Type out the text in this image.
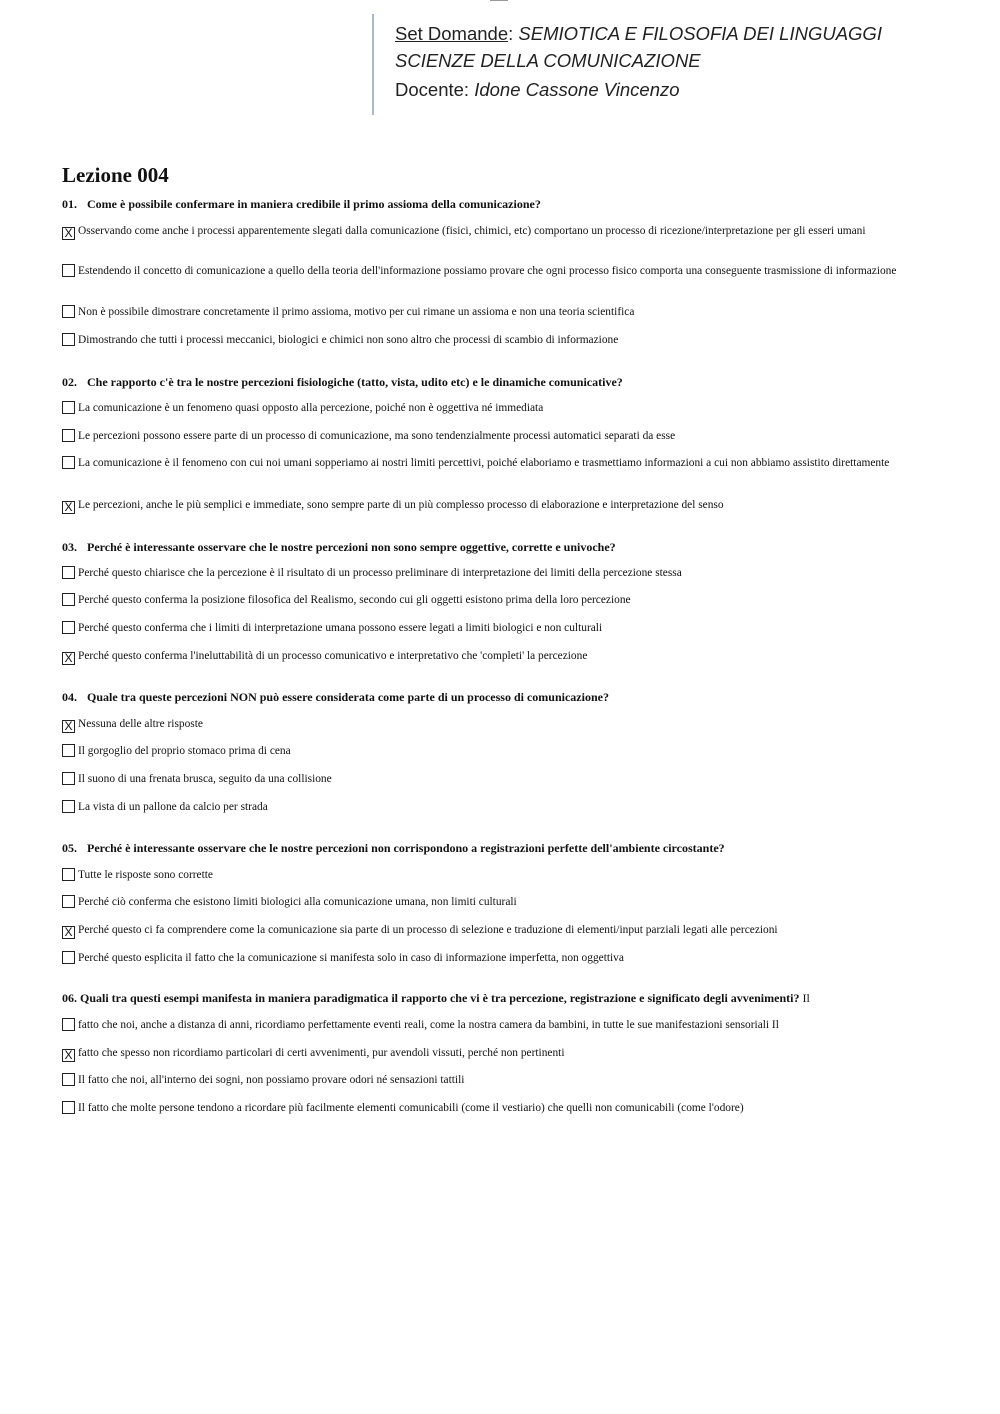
Set Domande: SEMIOTICA E FILOSOFIA DEI LINGUAGGI
SCIENZE DELLA COMUNICAZIONE
Docente: Idone Cassone Vincenzo
Lezione 004
01. Come è possibile confermare in maniera credibile il primo assioma della comunicazione?
X Osservando come anche i processi apparentemente slegati dalla comunicazione (fisici, chimici, etc) comportano un processo di ricezione/interpretazione per gli esseri umani
Estendendo il concetto di comunicazione a quello della teoria dell'informazione possiamo provare che ogni processo fisico comporta una conseguente trasmissione di informazione
Non è possibile dimostrare concretamente il primo assioma, motivo per cui rimane un assioma e non una teoria scientifica
Dimostrando che tutti i processi meccanici, biologici e chimici non sono altro che processi di scambio di informazione
02. Che rapporto c'è tra le nostre percezioni fisiologiche (tatto, vista, udito etc) e le dinamiche comunicative?
La comunicazione è un fenomeno quasi opposto alla percezione, poiché non è oggettiva né immediata
Le percezioni possono essere parte di un processo di comunicazione, ma sono tendenzialmente processi automatici separati da esse
La comunicazione è il fenomeno con cui noi umani sopperiamo ai nostri limiti percettivi, poiché elaboriamo e trasmettiamo informazioni a cui non abbiamo assistito direttamente
X Le percezioni, anche le più semplici e immediate, sono sempre parte di un più complesso processo di elaborazione e interpretazione del senso
03. Perché è interessante osservare che le nostre percezioni non sono sempre oggettive, corrette e univoche?
Perché questo chiarisce che la percezione è il risultato di un processo preliminare di interpretazione dei limiti della percezione stessa
Perché questo conferma la posizione filosofica del Realismo, secondo cui gli oggetti esistono prima della loro percezione
Perché questo conferma che i limiti di interpretazione umana possono essere legati a limiti biologici e non culturali
X Perché questo conferma l'ineluttabilità di un processo comunicativo e interpretativo che 'completi' la percezione
04. Quale tra queste percezioni NON può essere considerata come parte di un processo di comunicazione?
X Nessuna delle altre risposte
Il gorgoglio del proprio stomaco prima di cena
Il suono di una frenata brusca, seguito da una collisione
La vista di un pallone da calcio per strada
05. Perché è interessante osservare che le nostre percezioni non corrispondono a registrazioni perfette dell'ambiente circostante?
Tutte le risposte sono corrette
Perché ciò conferma che esistono limiti biologici alla comunicazione umana, non limiti culturali
X Perché questo ci fa comprendere come la comunicazione sia parte di un processo di selezione e traduzione di elementi/input parziali legati alle percezioni
Perché questo esplicita il fatto che la comunicazione si manifesta solo in caso di informazione imperfetta, non oggettiva
06. Quali tra questi esempi manifesta in maniera paradigmatica il rapporto che vi è tra percezione, registrazione e significato degli avvenimenti? Il
fatto che noi, anche a distanza di anni, ricordiamo perfettamente eventi reali, come la nostra camera da bambini, in tutte le sue manifestazioni sensoriali Il
X fatto che spesso non ricordiamo particolari di certi avvenimenti, pur avendoli vissuti, perché non pertinenti
Il fatto che noi, all'interno dei sogni, non possiamo provare odori né sensazioni tattili
Il fatto che molte persone tendono a ricordare più facilmente elementi comunicabili (come il vestiario) che quelli non comunicabili (come l'odore)
